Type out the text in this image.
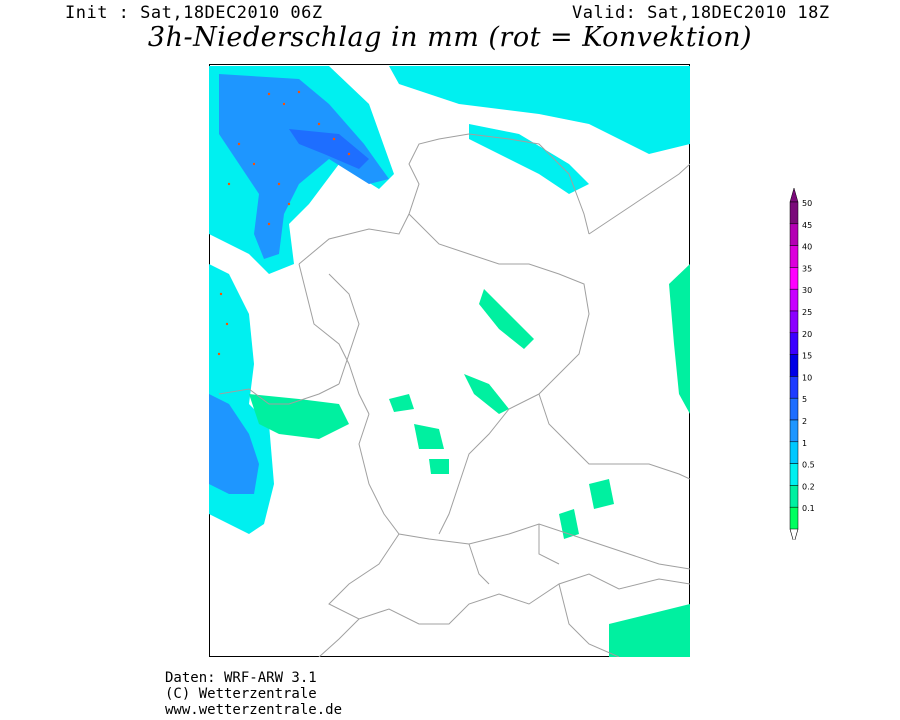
Init : Sat,18DEC2010 06Z	Valid: Sat,18DEC2010 18Z
3h-Niederschlag in mm (rot = Konvektion)
50
45
40
35
30
25
20
15
10
5
2
1
0.5
0.2
0.1
Daten: WRF-ARW 3.1
(C) Wetterzentrale
www.wetterzentrale.de
